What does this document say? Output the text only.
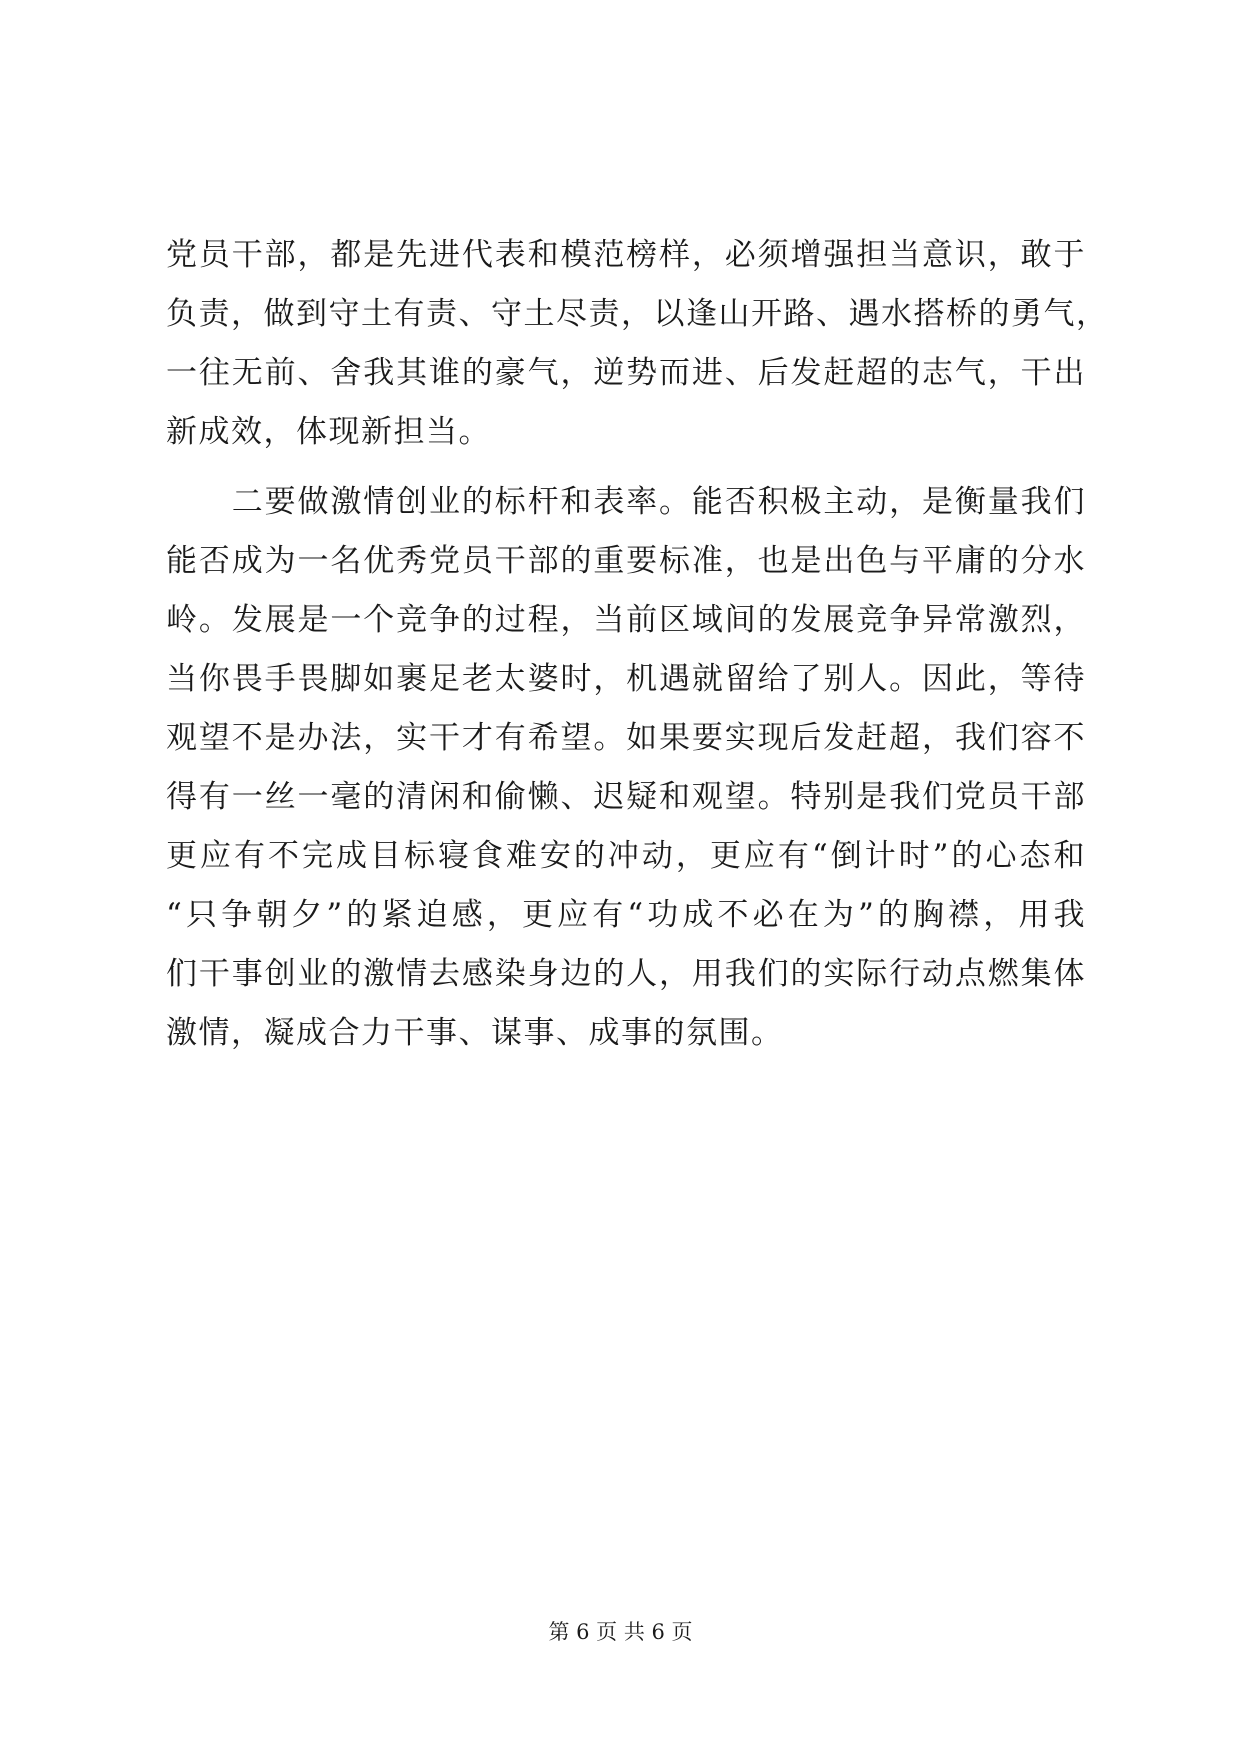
党员干部，都是先进代表和模范榜样，必须增强担当意识，敢于
负责，做到守土有责、守土尽责，以逢山开路、遇水搭桥的勇气，
一往无前、舍我其谁的豪气，逆势而进、后发赶超的志气，干出
新成效，体现新担当。
　　二要做激情创业的标杆和表率。能否积极主动，是衡量我们
能否成为一名优秀党员干部的重要标准，也是出色与平庸的分水
岭。发展是一个竞争的过程，当前区域间的发展竞争异常激烈，
当你畏手畏脚如裹足老太婆时，机遇就留给了别人。因此，等待
观望不是办法，实干才有希望。如果要实现后发赶超，我们容不
得有一丝一毫的清闲和偷懒、迟疑和观望。特别是我们党员干部
更应有不完成目标寝食难安的冲动，更应有“倒计时”的心态和
“只争朝夕”的紧迫感，更应有“功成不必在为”的胸襟，用我
们干事创业的激情去感染身边的人，用我们的实际行动点燃集体
激情，凝成合力干事、谋事、成事的氛围。
第 6 页 共 6 页
